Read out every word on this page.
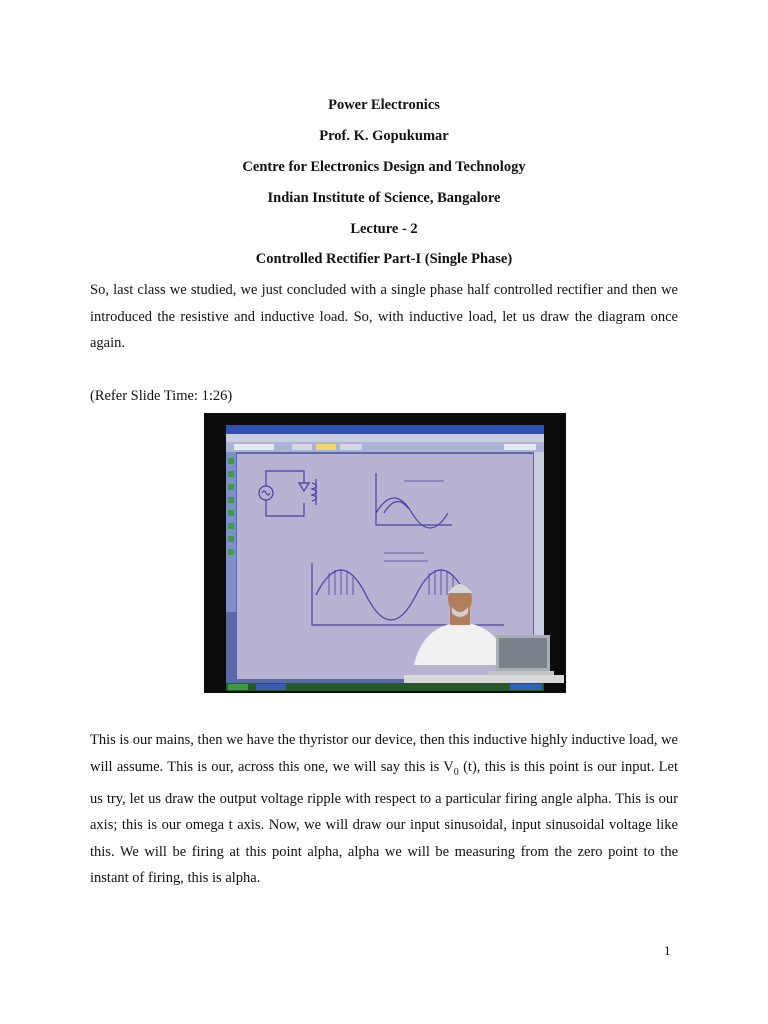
Power Electronics
Prof. K. Gopukumar
Centre for Electronics Design and Technology
Indian Institute of Science, Bangalore
Lecture - 2
Controlled Rectifier Part-I (Single Phase)
So, last class we studied, we just concluded with a single phase half controlled rectifier and then we introduced the resistive and inductive load. So, with inductive load, let us draw the diagram once again.
(Refer Slide Time: 1:26)
This is our mains, then we have the thyristor our device, then this inductive highly inductive load, we will assume. This is our, across this one, we will say this is $V_0$ (t), this is this point is our input. Let us try, let us draw the output voltage ripple with respect to a particular firing angle alpha. This is our axis; this is our omega t axis. Now, we will draw our input sinusoidal, input sinusoidal voltage like this. We will be firing at this point alpha, alpha we will be measuring from the zero point to the instant of firing, this is alpha.
1
